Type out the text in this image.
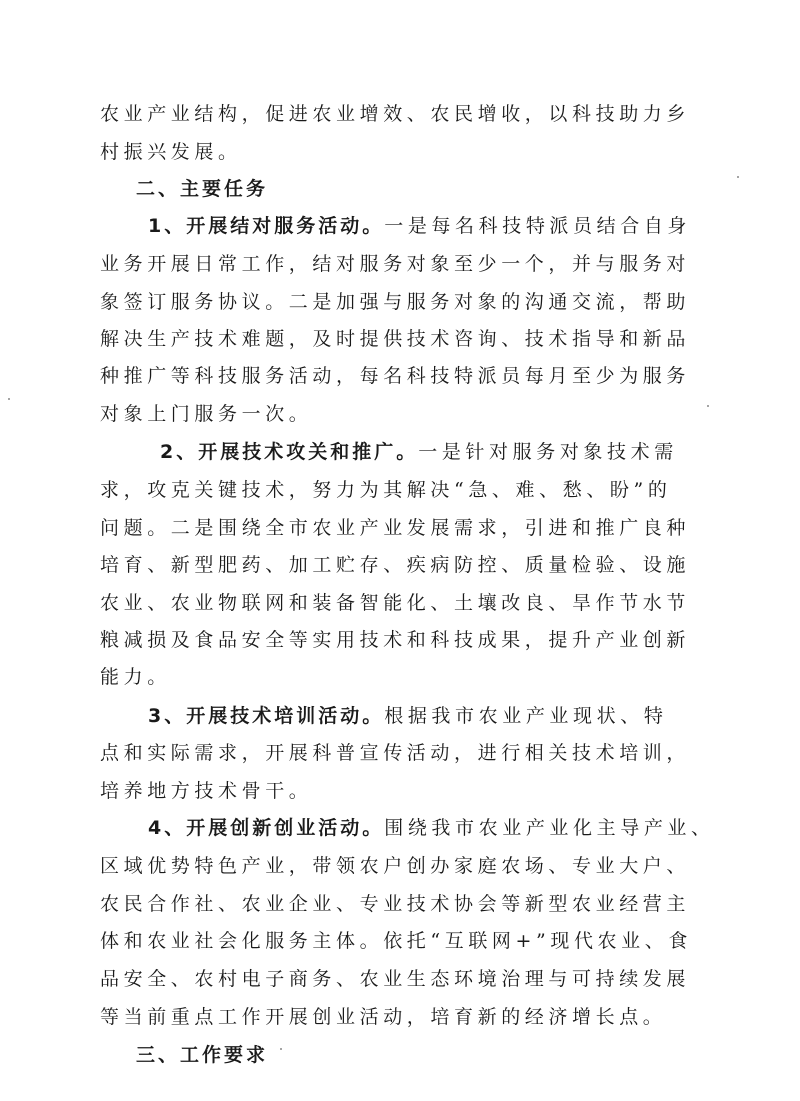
农业产业结构，促进农业增效、农民增收，以科技助力乡
村振兴发展。
二、主要任务
1、开展结对服务活动。一是每名科技特派员结合自身
业务开展日常工作，结对服务对象至少一个，并与服务对
象签订服务协议。二是加强与服务对象的沟通交流，帮助
解决生产技术难题，及时提供技术咨询、技术指导和新品
种推广等科技服务活动，每名科技特派员每月至少为服务
对象上门服务一次。
2、开展技术攻关和推广。一是针对服务对象技术需
求，攻克关键技术，努力为其解决“急、难、愁、盼”的
问题。二是围绕全市农业产业发展需求，引进和推广良种
培育、新型肥药、加工贮存、疾病防控、质量检验、设施
农业、农业物联网和装备智能化、土壤改良、旱作节水节
粮减损及食品安全等实用技术和科技成果，提升产业创新
能力。
3、开展技术培训活动。根据我市农业产业现状、特
点和实际需求，开展科普宣传活动，进行相关技术培训，
培养地方技术骨干。
4、开展创新创业活动。围绕我市农业产业化主导产业、
区域优势特色产业，带领农户创办家庭农场、专业大户、
农民合作社、农业企业、专业技术协会等新型农业经营主
体和农业社会化服务主体。依托“互联网+”现代农业、食
品安全、农村电子商务、农业生态环境治理与可持续发展
等当前重点工作开展创业活动，培育新的经济增长点。
三、工作要求
